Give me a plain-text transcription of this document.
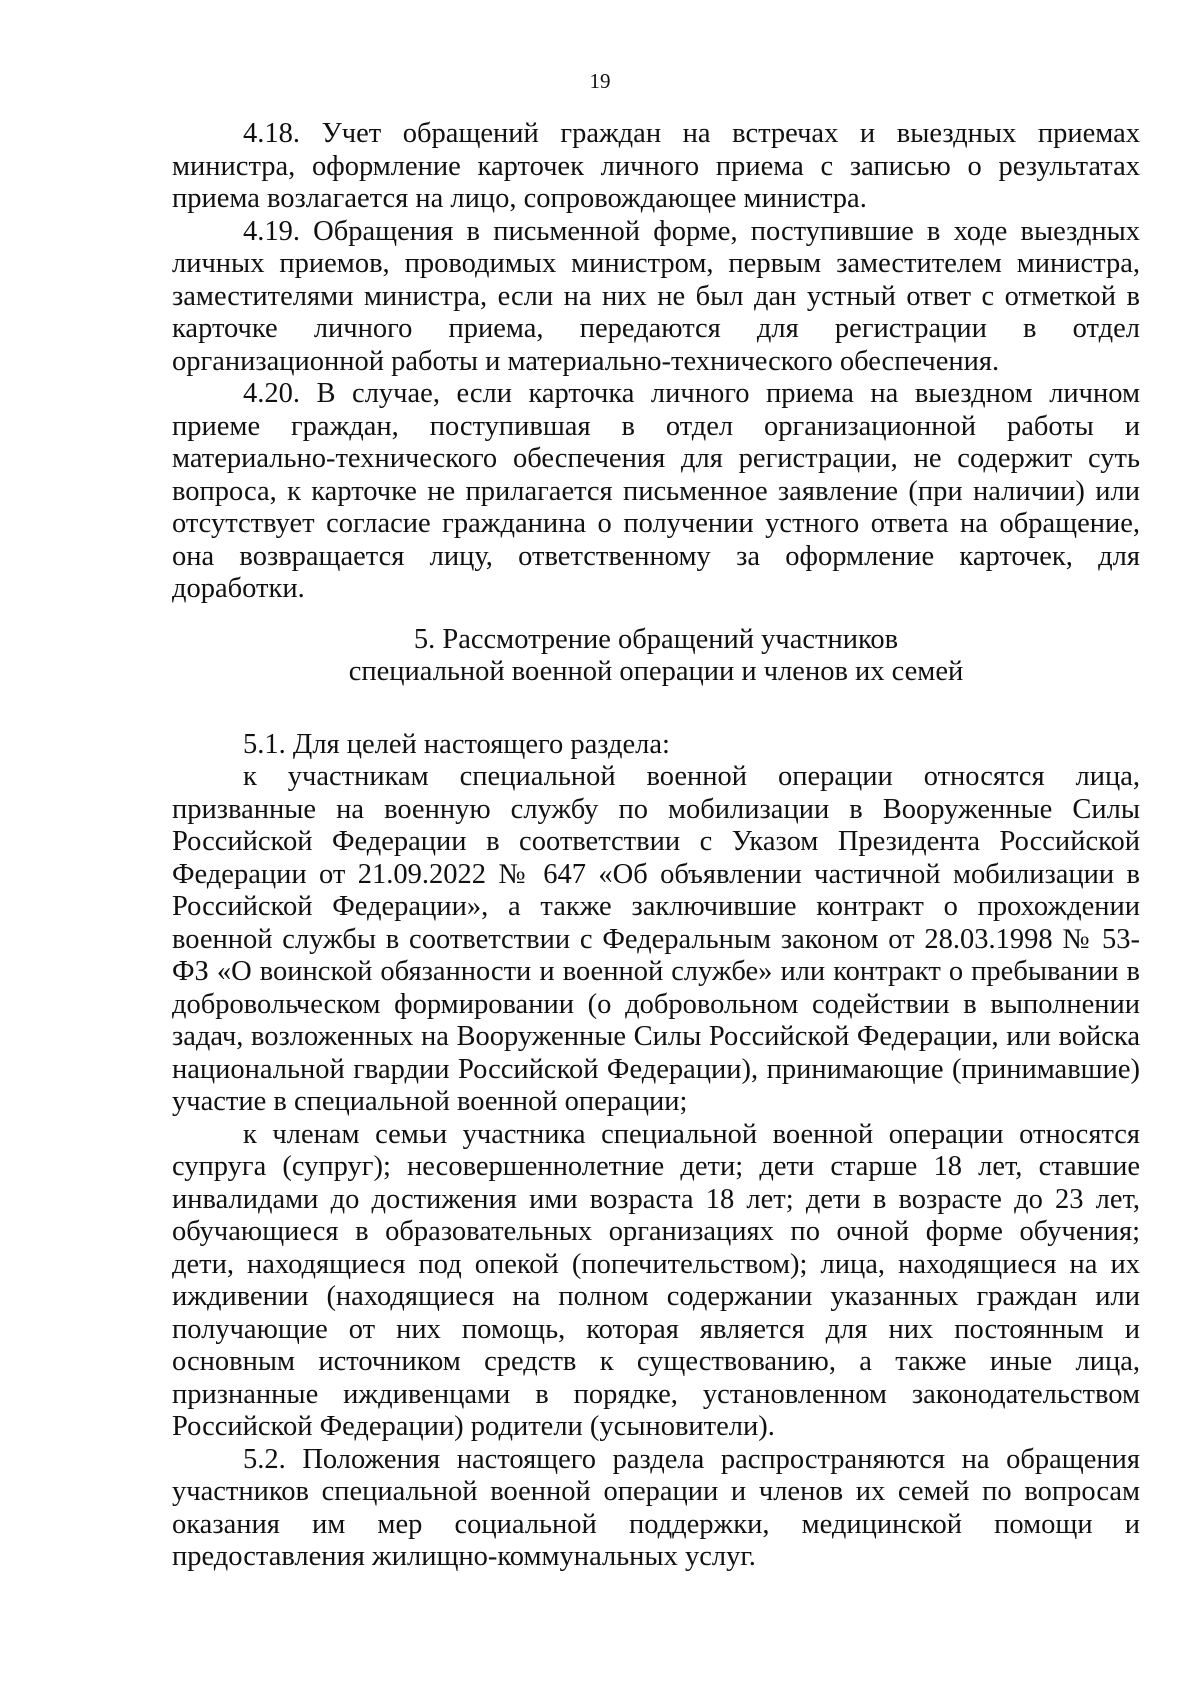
19

4.18. Учет обращений граждан на встречах и выездных приемах министра, оформление карточек личного приема с записью о результатах приема возлагается на лицо, сопровождающее министра.

4.19. Обращения в письменной форме, поступившие в ходе выездных личных приемов, проводимых министром, первым заместителем министра, заместителями министра, если на них не был дан устный ответ с отметкой в карточке личного приема, передаются для регистрации в отдел организационной работы и материально-технического обеспечения.

4.20. В случае, если карточка личного приема на выездном личном приеме граждан, поступившая в отдел организационной работы и материально-технического обеспечения для регистрации, не содержит суть вопроса, к карточке не прилагается письменное заявление (при наличии) или отсутствует согласие гражданина о получении устного ответа на обращение, она возвращается лицу, ответственному за оформление карточек, для доработки.

5. Рассмотрение обращений участников
специальной военной операции и членов их семей

5.1. Для целей настоящего раздела:

к участникам специальной военной операции относятся лица, призванные на военную службу по мобилизации в Вооруженные Силы Российской Федерации в соответствии с Указом Президента Российской Федерации от 21.09.2022 № 647 «Об объявлении частичной мобилизации в Российской Федерации», а также заключившие контракт о прохождении военной службы в соответствии с Федеральным законом от 28.03.1998 № 53-ФЗ «О воинской обязанности и военной службе» или контракт о пребывании в добровольческом формировании (о добровольном содействии в выполнении задач, возложенных на Вооруженные Силы Российской Федерации, или войска национальной гвардии Российской Федерации), принимающие (принимавшие) участие в специальной военной операции;

к членам семьи участника специальной военной операции относятся супруга (супруг); несовершеннолетние дети; дети старше 18 лет, ставшие инвалидами до достижения ими возраста 18 лет; дети в возрасте до 23 лет, обучающиеся в образовательных организациях по очной форме обучения; дети, находящиеся под опекой (попечительством); лица, находящиеся на их иждивении (находящиеся на полном содержании указанных граждан или получающие от них помощь, которая является для них постоянным и основным источником средств к существованию, а также иные лица, признанные иждивенцами в порядке, установленном законодательством Российской Федерации) родители (усыновители).

5.2. Положения настоящего раздела распространяются на обращения участников специальной военной операции и членов их семей по вопросам оказания им мер социальной поддержки, медицинской помощи и предоставления жилищно-коммунальных услуг.
